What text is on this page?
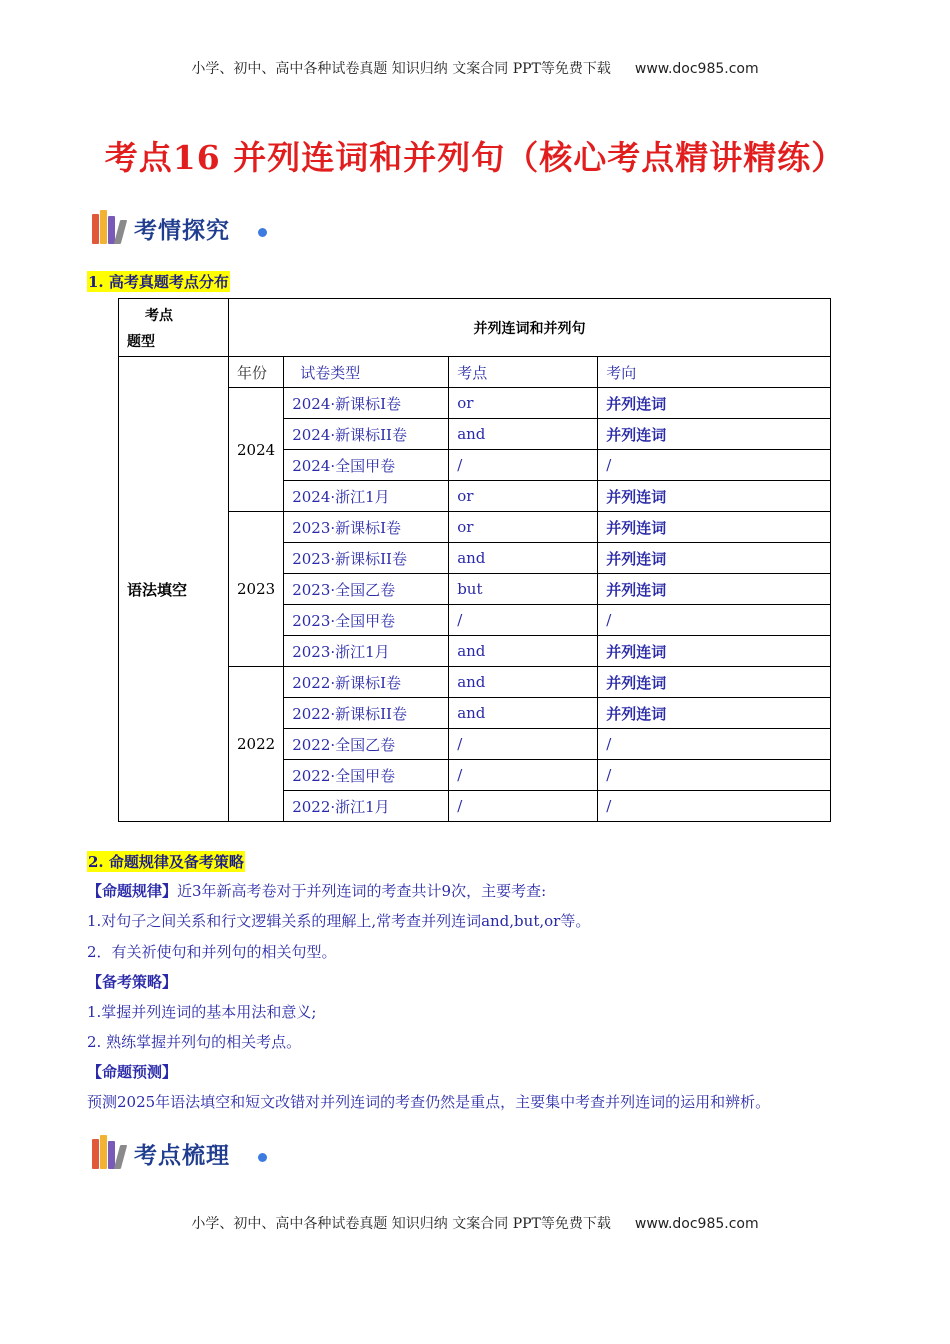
小学、初中、高中各种试卷真题 知识归纳 文案合同 PPT等免费下载 www.doc985.com
考点16 并列连词和并列句（核心考点精讲精练）
考情探究
1. 高考真题考点分布
考点
题型	并列连词和并列句			
语法填空	年份	试卷类型	考点	考向
	2024	2024·新课标I卷	or	并列连词
		2024·新课标II卷	and	并列连词
		2024·全国甲卷	/	/
		2024·浙江1月	or	并列连词
	2023	2023·新课标I卷	or	并列连词
		2023·新课标II卷	and	并列连词
		2023·全国乙卷	but	并列连词
		2023·全国甲卷	/	/
		2023·浙江1月	and	并列连词
	2022	2022·新课标I卷	and	并列连词
		2022·新课标II卷	and	并列连词
		2022·全国乙卷	/	/
		2022·全国甲卷	/	/
		2022·浙江1月	/	/
2. 命题规律及备考策略
【命题规律】近3年新高考卷对于并列连词的考查共计9次，主要考查:
1.对句子之间关系和行文逻辑关系的理解上,常考查并列连词and,but,or等。
2．有关祈使句和并列句的相关句型。
【备考策略】
1.掌握并列连词的基本用法和意义;
2. 熟练掌握并列句的相关考点。
【命题预测】
预测2025年语法填空和短文改错对并列连词的考查仍然是重点，主要集中考查并列连词的运用和辨析。
考点梳理
小学、初中、高中各种试卷真题 知识归纳 文案合同 PPT等免费下载 www.doc985.com
